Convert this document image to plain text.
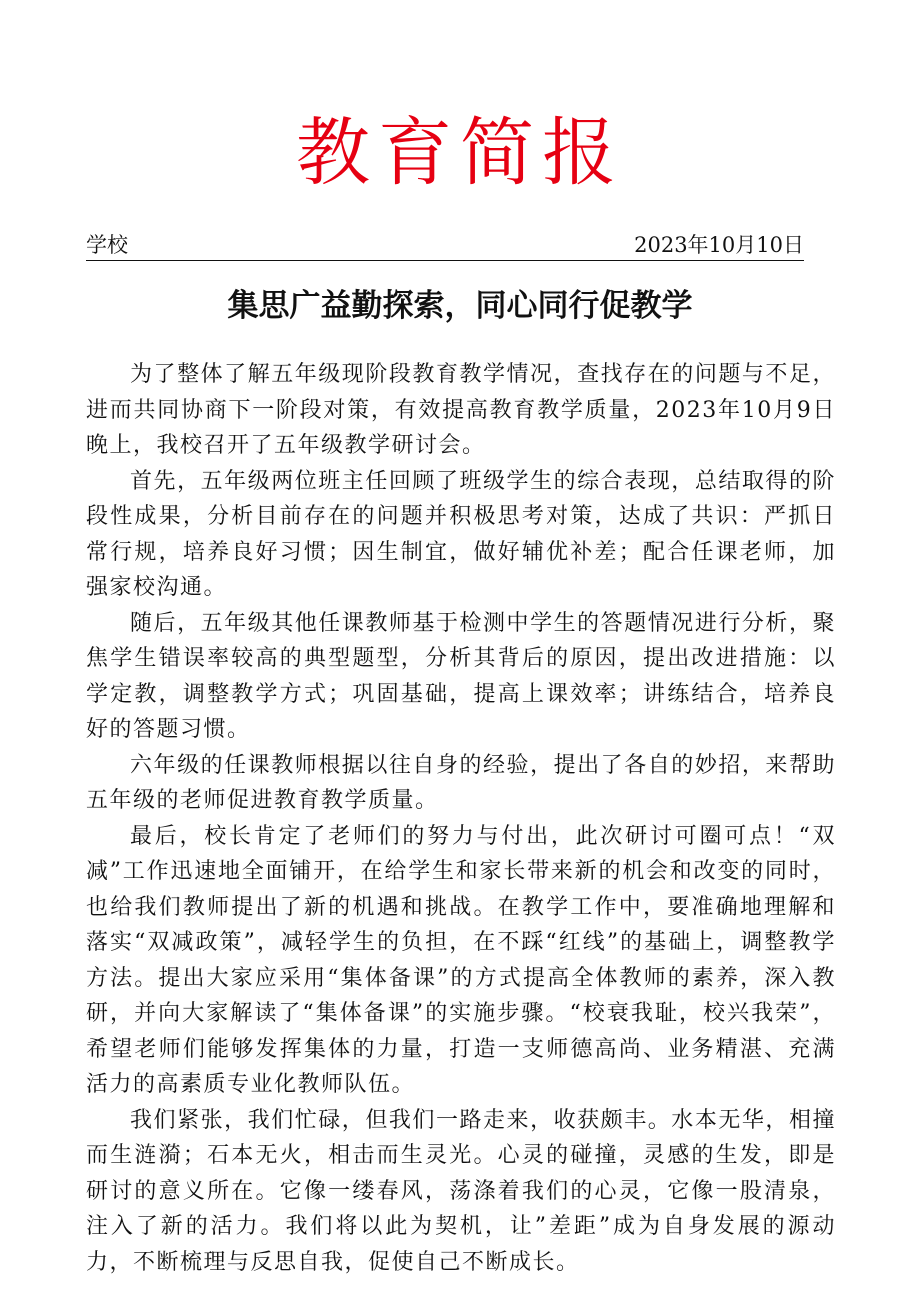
教育简报
学校	2023年10月10日
集思广益勤探索，同心同行促教学

为了整体了解五年级现阶段教育教学情况，查找存在的问题与不足，进而共同协商下一阶段对策，有效提高教育教学质量，2023年10月9日晚上，我校召开了五年级教学研讨会。

首先，五年级两位班主任回顾了班级学生的综合表现，总结取得的阶段性成果，分析目前存在的问题并积极思考对策，达成了共识：严抓日常行规，培养良好习惯；因生制宜，做好辅优补差；配合任课老师，加强家校沟通。

随后，五年级其他任课教师基于检测中学生的答题情况进行分析，聚焦学生错误率较高的典型题型，分析其背后的原因，提出改进措施：以学定教，调整教学方式；巩固基础，提高上课效率；讲练结合，培养良好的答题习惯。

六年级的任课教师根据以往自身的经验，提出了各自的妙招，来帮助五年级的老师促进教育教学质量。

最后，校长肯定了老师们的努力与付出，此次研讨可圈可点！“双减”工作迅速地全面铺开，在给学生和家长带来新的机会和改变的同时，也给我们教师提出了新的机遇和挑战。在教学工作中，要准确地理解和落实“双减政策”，减轻学生的负担，在不踩“红线”的基础上，调整教学方法。提出大家应采用“集体备课”的方式提高全体教师的素养，深入教研，并向大家解读了“集体备课”的实施步骤。“校衰我耻，校兴我荣”，希望老师们能够发挥集体的力量，打造一支师德高尚、业务精湛、充满活力的高素质专业化教师队伍。

我们紧张，我们忙碌，但我们一路走来，收获颇丰。水本无华，相撞而生涟漪；石本无火，相击而生灵光。心灵的碰撞，灵感的生发，即是研讨的意义所在。它像一缕春风，荡涤着我们的心灵，它像一股清泉，注入了新的活力。我们将以此为契机，让”差距”成为自身发展的源动力，不断梳理与反思自我，促使自己不断成长。
